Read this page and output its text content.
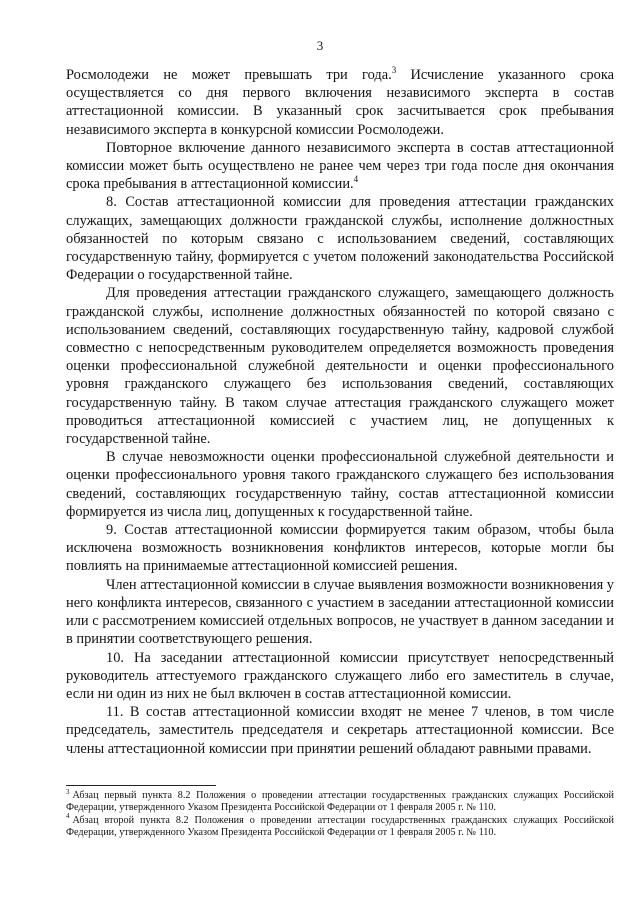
3

Росмолодежи не может превышать три года.$^3$ Исчисление указанного срока осуществляется со дня первого включения независимого эксперта в состав аттестационной комиссии. В указанный срок засчитывается срок пребывания независимого эксперта в конкурсной комиссии Росмолодежи.

Повторное включение данного независимого эксперта в состав аттестационной комиссии может быть осуществлено не ранее чем через три года после дня окончания срока пребывания в аттестационной комиссии.$^4$

8. Состав аттестационной комиссии для проведения аттестации гражданских служащих, замещающих должности гражданской службы, исполнение должностных обязанностей по которым связано с использованием сведений, составляющих государственную тайну, формируется с учетом положений законодательства Российской Федерации о государственной тайне.

Для проведения аттестации гражданского служащего, замещающего должность гражданской службы, исполнение должностных обязанностей по которой связано с использованием сведений, составляющих государственную тайну, кадровой службой совместно с непосредственным руководителем определяется возможность проведения оценки профессиональной служебной деятельности и оценки профессионального уровня гражданского служащего без использования сведений, составляющих государственную тайну. В таком случае аттестация гражданского служащего может проводиться аттестационной комиссией с участием лиц, не допущенных к государственной тайне.

В случае невозможности оценки профессиональной служебной деятельности и оценки профессионального уровня такого гражданского служащего без использования сведений, составляющих государственную тайну, состав аттестационной комиссии формируется из числа лиц, допущенных к государственной тайне.

9. Состав аттестационной комиссии формируется таким образом, чтобы была исключена возможность возникновения конфликтов интересов, которые могли бы повлиять на принимаемые аттестационной комиссией решения.

Член аттестационной комиссии в случае выявления возможности возникновения у него конфликта интересов, связанного с участием в заседании аттестационной комиссии или с рассмотрением комиссией отдельных вопросов, не участвует в данном заседании и в принятии соответствующего решения.

10. На заседании аттестационной комиссии присутствует непосредственный руководитель аттестуемого гражданского служащего либо его заместитель в случае, если ни один из них не был включен в состав аттестационной комиссии.

11. В состав аттестационной комиссии входят не менее 7 членов, в том числе председатель, заместитель председателя и секретарь аттестационной комиссии. Все члены аттестационной комиссии при принятии решений обладают равными правами.

$^3$ Абзац первый пункта 8.2 Положения о проведении аттестации государственных гражданских служащих Российской Федерации, утвержденного Указом Президента Российской Федерации от 1 февраля 2005 г. № 110.

$^4$ Абзац второй пункта 8.2 Положения о проведении аттестации государственных гражданских служащих Российской Федерации, утвержденного Указом Президента Российской Федерации от 1 февраля 2005 г. № 110.
